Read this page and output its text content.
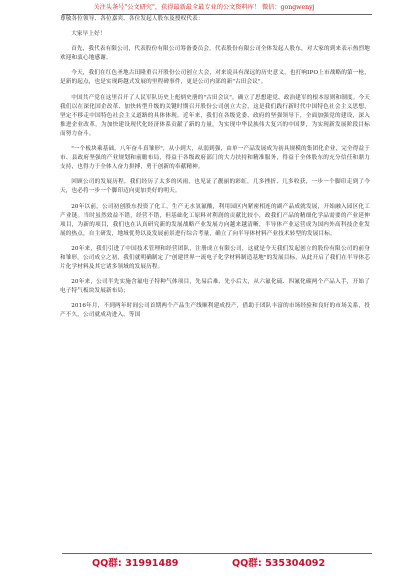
关注头条号"公文研究"，获得最新最全最专业的公文资料库！ 微信：gongwenyj

尊敬各位领导、各位嘉宾、各位发起人股东及授权代表：

大家早上好！

首先，我代表有限公司，代表股份有限公司筹备委员会，代表股份有限公司全体发起人股东，对大家的到来表示热烈地欢迎和衷心地感谢。

今天，我们在红色圣地古田隆重召开股份公司创立大会，对来说具有深远的历史意义，也打响IPO上市战略的第一枪，是新的起点，也是实现跨越式发展的里程碑事件，更是公司内部的新"古田会议"。

中国共产党在这里召开了人民军队历史上彪炳史册的"古田会议"，确立了思想建党、政治建军的根本原则和制度。今天我们以在深化国企改革、加快转型升级的关键时期召开股份公司创立大会，这是我们践行新时代中国特色社会主义思想，坚定不移走中国特色社会主义道路的具体体现。近年来，我们在各级党委、政府的坚强领导下，全面加强党的建设，深入推进企业改革，为加快建设现代化经济体系贡献了新的力量，为实现中华民族伟大复兴的中国梦，为实现新发展阶段目标而努力奋斗。

"一个板块乘基础，八年奋斗真雏形"，从小到大，从弱到强，由单一产品发展成为初具规模的集团化企业，完全得益于市、县政府坚强的产业规划和前瞻布局，得益于各级政府部门的大力扶持和精准服务，得益于全体股东的充分信任和鼎力支持，也得力于全体人奋力拼搏，勇于创新的奉献精神。

回顾公司的发展历程，我们经历了太多的风雨，也见证了靓丽的彩虹，几多挫折、几多收获，一步一个脚印走到了今天，也必将一步一个脚印迈向更加美好的明天。

20年以前，公司初创股东投资了化工，生产无水氢氟酸，利用园区内紧密相连的副产品成就发展，开始融入园区化工产业链。当时虽然效益不错，经营不错，但基础化工原料对利润的贡献比较小，政我们产品的精细化学品需要的产业延伸项目，为新的项目，我们也在认真研究新的发展战略产业发展方向越来越清晰，半导体产业运营成为国内外高科技企业发展的热点，自主研发，地域优势以及发展前景进行综合考量，确立了向半导体材料产业技术转型的发展目标。

20年来，我们引进了中国技术管理和经营团队，注册成立有限公司，这就是今天我们发起创立的股份有限公司的前身和雏形。公司成立之初，我们就明确制定了"创建世界一流电子化学材料制造基地"的发展目标，从此开启了我们在半导体芯片化学材料及其它诸多领域的发展历程。

20年来，公司半先实施含氟电子特种气体项目，先易后难、先小后大，从六氟化硫、四氟化碳两个产品入手，开始了电子特气板块发展新布局；

2016年月，不到两年时间公司首期两个产品生产线顺利建成投产，借助于团队丰富的市场经验和良好的市场关系，投产不久，公司就成功进入、等国

QQ群: 31991489	QQ群: 535304092
